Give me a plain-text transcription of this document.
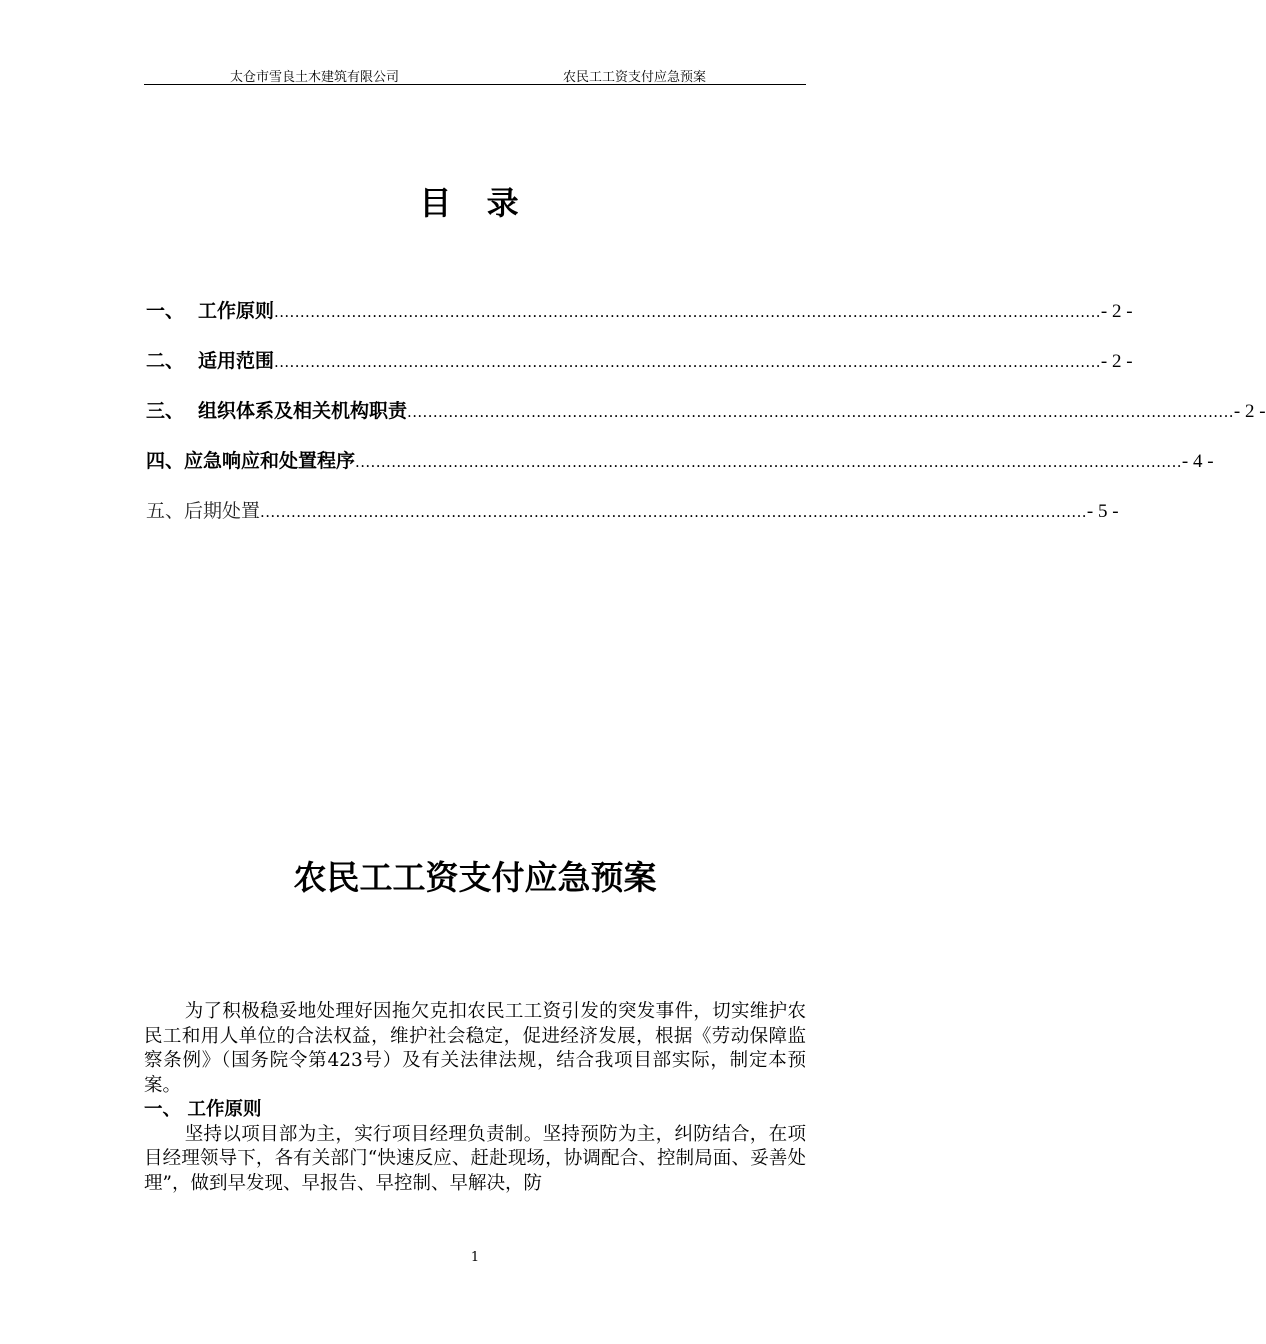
太仓市雪良土木建筑有限公司	农民工工资支付应急预案
目 录
一、 工作原则 ................................................................................................................................................................ - 2 -
二、 适用范围 ................................................................................................................................................................ - 2 -
三、 组织体系及相关机构职责 ................................................................................................................................................................ - 2 -
四、 应急响应和处置程序 ................................................................................................................................................................ - 4 -
五、 后期处置 ................................................................................................................................................................ - 5 -
农民工工资支付应急预案

为了积极稳妥地处理好因拖欠克扣农民工工资引发的突发事件，切实维护农民工和用人单位的合法权益，维护社会稳定，促进经济发展，根据《劳动保障监察条例》（国务院令第423号）及有关法律法规，结合我项目部实际，制定本预案。

一、 工作原则

坚持以项目部为主，实行项目经理负责制。坚持预防为主，纠防结合，在项目经理领导下，各有关部门“快速反应、赶赴现场，协调配合、控制局面、妥善处理”，做到早发现、早报告、早控制、早解决，防

1
